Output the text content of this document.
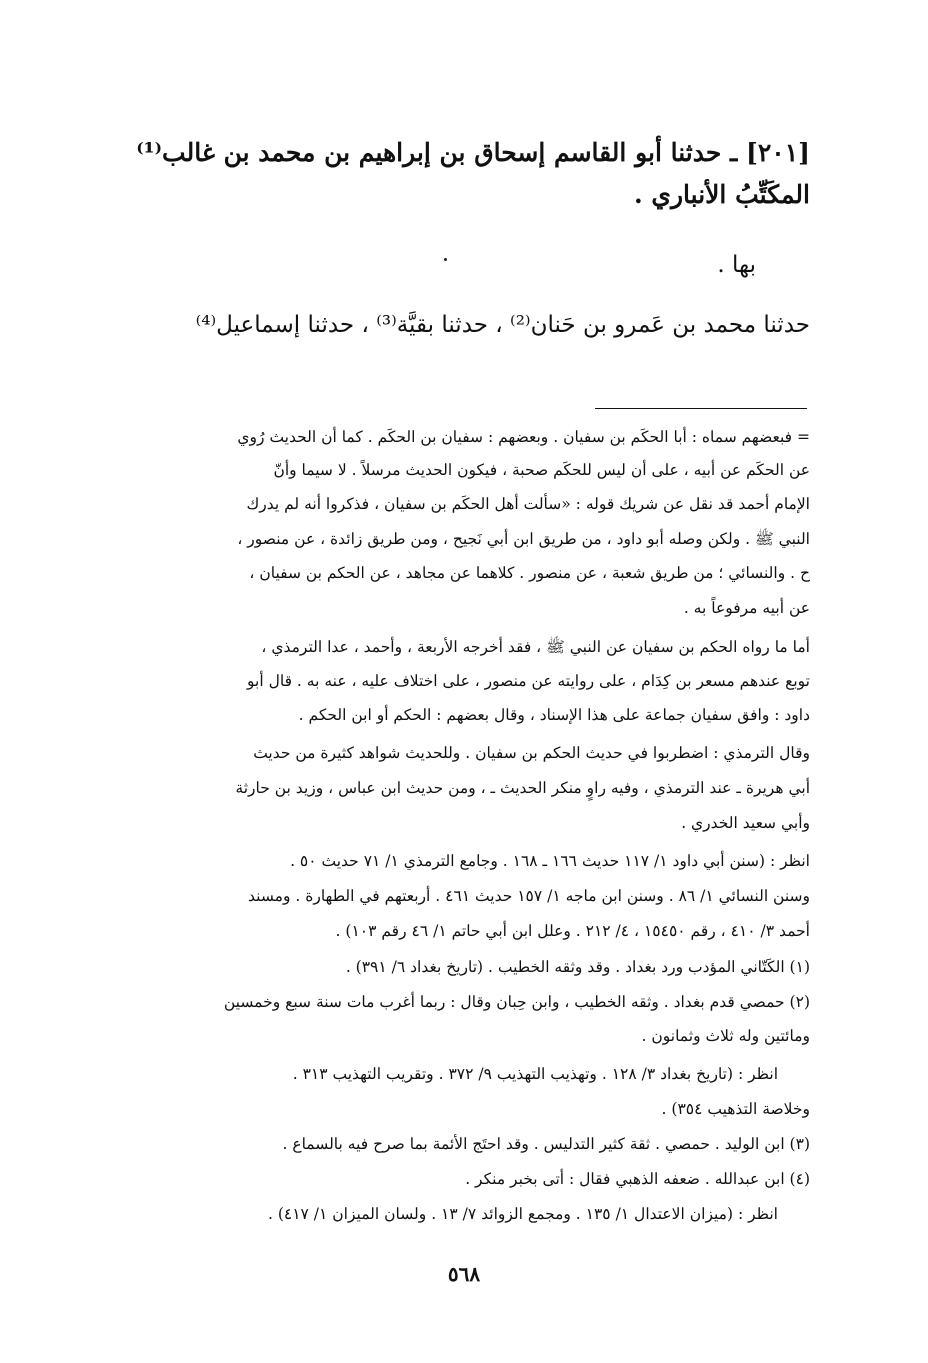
[٢٠١] ـ حدثنا أبو القاسم إسحاق بن إبراهيم بن محمد بن غالب⁽¹⁾
المكَتِّبُ الأنباري .
بها .
حدثنا محمد بن عَمرو بن حَنان⁽²⁾ ، حدثنا بقيَّة⁽³⁾ ، حدثنا إسماعيل⁽⁴⁾
= فبعضهم سماه : أبا الحكَم بن سفيان . وبعضهم : سفيان بن الحكَم . كما أن الحديث رُوي
عن الحكَم عن أبيه ، على أن ليس للحكَم صحبة ، فيكون الحديث مرسلاً . لا سيما وأنّ
الإمام أحمد قد نقل عن شريك قوله : «سألت أهل الحكَم بن سفيان ، فذكروا أنه لم يدرك
النبي ﷺ . ولكن وصله أبو داود ، من طريق ابن أبي نَجيح ، ومن طريق زائدة ، عن منصور ،
ح . والنسائي ؛ من طريق شعبة ، عن منصور . كلاهما عن مجاهد ، عن الحكم بن سفيان ،
عن أبيه مرفوعاً به .
أما ما رواه الحكم بن سفيان عن النبي ﷺ ، فقد أخرجه الأربعة ، وأحمد ، عدا الترمذي ،
توبع عندهم مسعر بن كِدَام ، على روايته عن منصور ، على اختلاف عليه ، عنه به . قال أبو
داود : وافق سفيان جماعة على هذا الإسناد ، وقال بعضهم : الحكم أو ابن الحكم .
وقال الترمذي : اضطربوا في حديث الحكم بن سفيان . وللحديث شواهد كثيرة من حديث
أبي هريرة ـ عند الترمذي ، وفيه راوٍ منكر الحديث ـ ، ومن حديث ابن عباس ، وزيد بن حارثة
وأبي سعيد الخدري .
انظر : (سنن أبي داود ١/ ١١٧ حديث ١٦٦ ـ ١٦٨ . وجامع الترمذي ١/ ٧١ حديث ٥٠ .
وسنن النسائي ١/ ٨٦ . وسنن ابن ماجه ١/ ١٥٧ حديث ٤٦١ . أربعتهم في الطهارة . ومسند
أحمد ٣/ ٤١٠ ، رقم ١٥٤٥٠ ، ٤/ ٢١٢ . وعلل ابن أبي حاتم ١/ ٤٦ رقم ١٠٣) .
(١) الكَتّاني المؤدب ورد بغداد . وقد وثقه الخطيب . (تاريخ بغداد ٦/ ٣٩١) .
(٢) حمصي قدم بغداد . وثقه الخطيب ، وابن حِبان وقال : ربما أغرب مات سنة سبع وخمسين
ومائتين وله ثلاث وثمانون .
انظر : (تاريخ بغداد ٣/ ١٢٨ . وتهذيب التهذيب ٩/ ٣٧٢ . وتقريب التهذيب ٣١٣ .
وخلاصة التذهيب ٣٥٤) .
(٣) ابن الوليد . حمصي . ثقة كثير التدليس . وقد احتَج الأئمة بما صرح فيه بالسماع .
(٤) ابن عبدالله . ضعفه الذهبي فقال : أتى بخبر منكر .
انظر : (ميزان الاعتدال ١/ ١٣٥ . ومجمع الزوائد ٧/ ١٣ . ولسان الميزان ١/ ٤١٧) .
٥٦٨
